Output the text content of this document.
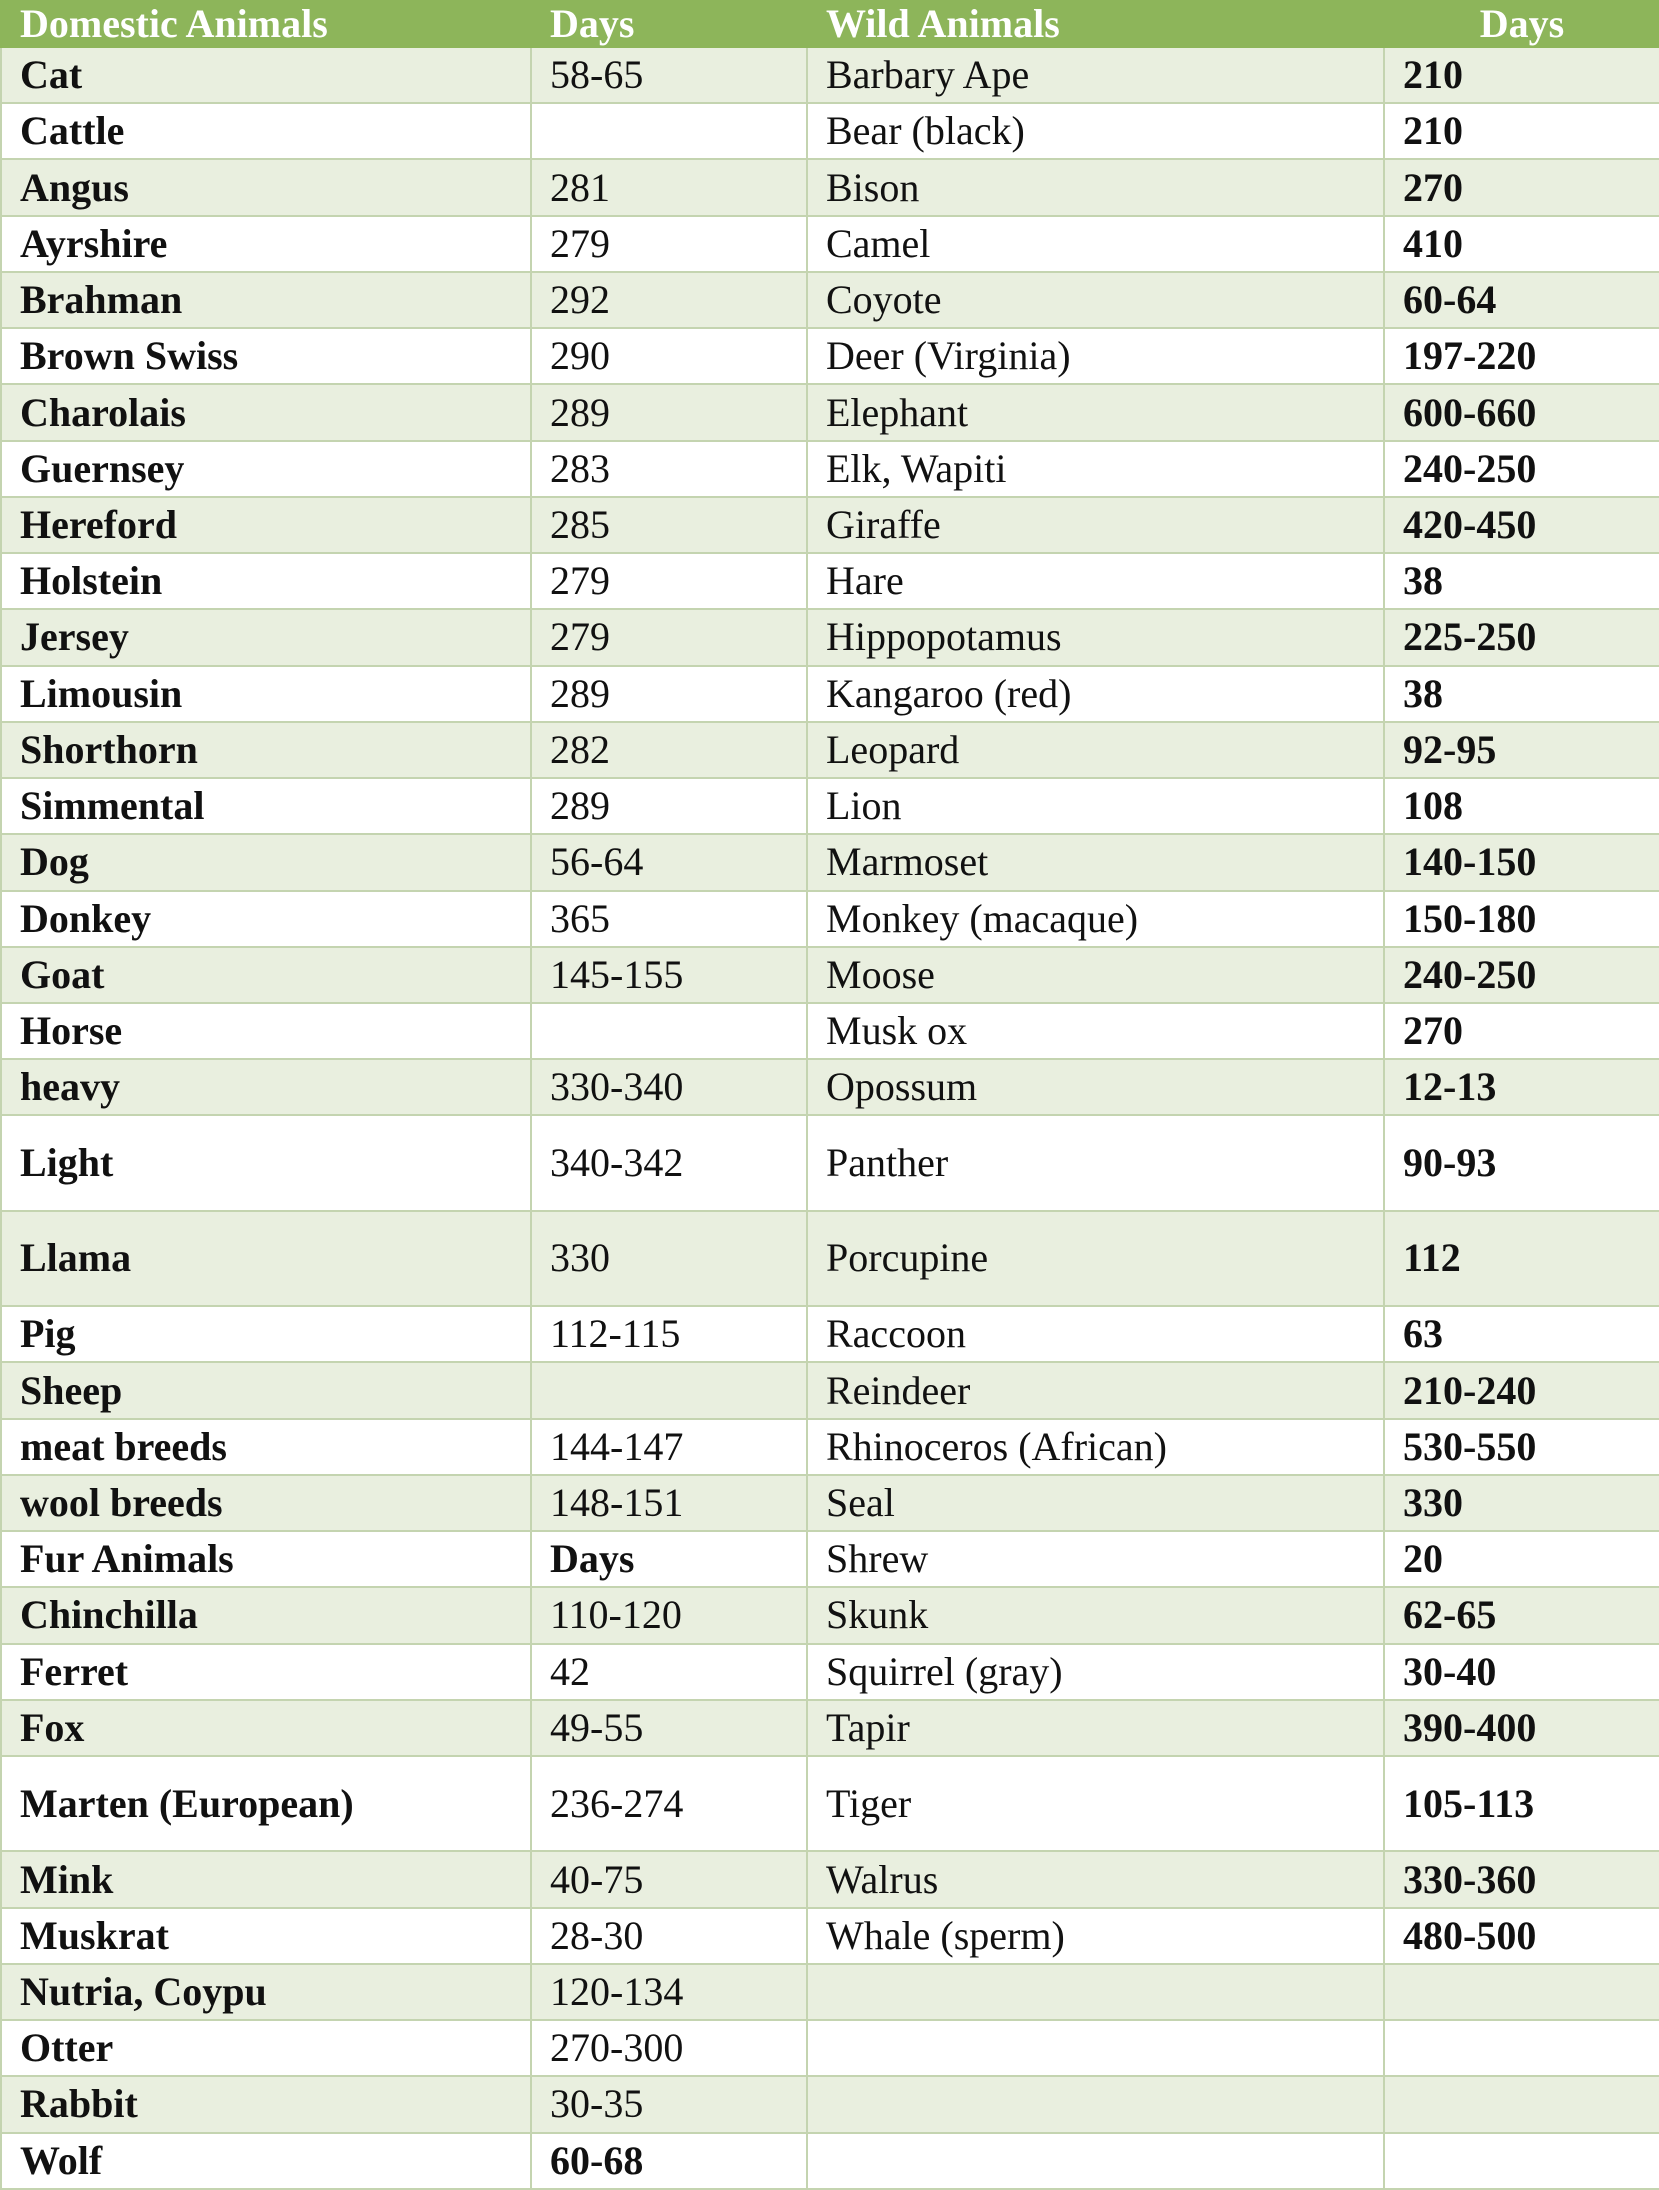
Domestic Animals	Days	Wild Animals	Days
Cat	58-65	Barbary Ape	210
Cattle		Bear (black)	210
Angus	281	Bison	270
Ayrshire	279	Camel	410
Brahman	292	Coyote	60-64
Brown Swiss	290	Deer (Virginia)	197-220
Charolais	289	Elephant	600-660
Guernsey	283	Elk, Wapiti	240-250
Hereford	285	Giraffe	420-450
Holstein	279	Hare	38
Jersey	279	Hippopotamus	225-250
Limousin	289	Kangaroo (red)	38
Shorthorn	282	Leopard	92-95
Simmental	289	Lion	108
Dog	56-64	Marmoset	140-150
Donkey	365	Monkey (macaque)	150-180
Goat	145-155	Moose	240-250
Horse		Musk ox	270
heavy	330-340	Opossum	12-13
Light	340-342	Panther	90-93
Llama	330	Porcupine	112
Pig	112-115	Raccoon	63
Sheep		Reindeer	210-240
meat breeds	144-147	Rhinoceros (African)	530-550
wool breeds	148-151	Seal	330
Fur Animals	Days	Shrew	20
Chinchilla	110-120	Skunk	62-65
Ferret	42	Squirrel (gray)	30-40
Fox	49-55	Tapir	390-400
Marten (European)	236-274	Tiger	105-113
Mink	40-75	Walrus	330-360
Muskrat	28-30	Whale (sperm)	480-500
Nutria, Coypu	120-134		
Otter	270-300		
Rabbit	30-35		
Wolf	60-68		
